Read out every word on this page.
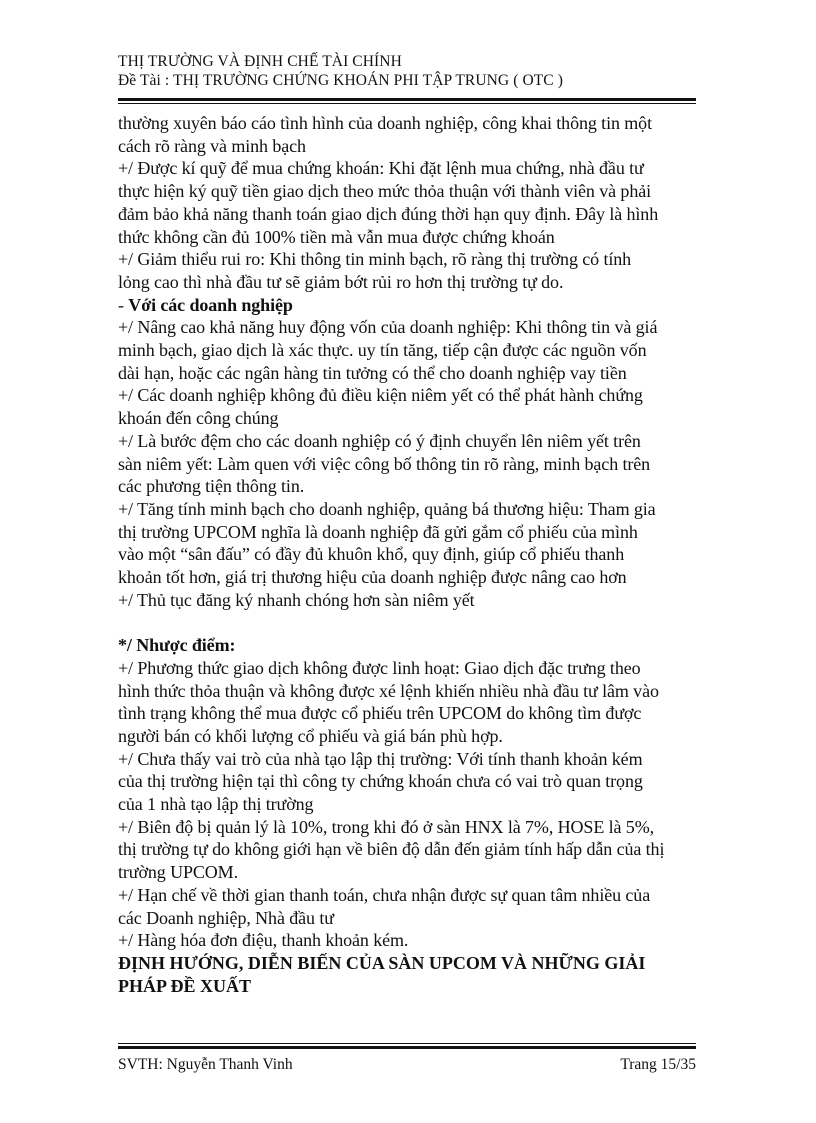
THỊ TRƯỜNG VÀ ĐỊNH CHẾ TÀI CHÍNH
Đề Tài : THỊ TRƯỜNG CHỨNG KHOÁN PHI TẬP TRUNG ( OTC )
thường xuyên báo cáo tình hình của doanh nghiệp, công khai thông tin một
cách rõ ràng và minh bạch
+/ Được kí quỹ để mua chứng khoán: Khi đặt lệnh mua chứng, nhà đầu tư
thực hiện ký quỹ tiền giao dịch theo mức thỏa thuận với thành viên và phải
đảm bảo khả năng thanh toán giao dịch đúng thời hạn quy định. Đây là hình
thức không cần đủ 100% tiền mà vẫn mua được chứng khoán
+/ Giảm thiểu rui ro: Khi thông tin minh bạch, rõ ràng thị trường có tính
lỏng cao thì nhà đầu tư sẽ giảm bớt rủi ro hơn thị trường tự do.
- Với các doanh nghiệp
+/ Nâng cao khả năng huy động vốn của doanh nghiệp: Khi thông tin và giá
minh bạch, giao dịch là xác thực. uy tín tăng, tiếp cận được các nguồn vốn
dài hạn, hoặc các ngân hàng tin tưởng có thể cho doanh nghiệp vay tiền
+/ Các doanh nghiệp không đủ điều kiện niêm yết có thể phát hành chứng
khoán đến công chúng
+/ Là bước đệm cho các doanh nghiệp có ý định chuyển lên niêm yết trên
sàn niêm yết: Làm quen với việc công bố thông tin rõ ràng, minh bạch trên
các phương tiện thông tin.
+/ Tăng tính minh bạch cho doanh nghiệp, quảng bá thương hiệu: Tham gia
thị trường UPCOM nghĩa là doanh nghiệp đã gửi gắm cổ phiếu của mình
vào một “sân đấu” có đầy đủ khuôn khổ, quy định, giúp cổ phiếu thanh
khoản tốt hơn, giá trị thương hiệu của doanh nghiệp được nâng cao hơn
+/ Thủ tục đăng ký nhanh chóng hơn sàn niêm yết
*/ Nhược điểm:
+/ Phương thức giao dịch không được linh hoạt: Giao dịch đặc trưng theo
hình thức thỏa thuận và không được xé lệnh khiến nhiều nhà đầu tư lâm vào
tình trạng không thể mua được cổ phiếu trên UPCOM do không tìm được
người bán có khối lượng cổ phiếu và giá bán phù hợp.
+/ Chưa thấy vai trò của nhà tạo lập thị trường: Với tính thanh khoản kém
của thị trường hiện tại thì công ty chứng khoán chưa có vai trò quan trọng
của 1 nhà tạo lập thị trường
+/ Biên độ bị quản lý là 10%, trong khi đó ở sàn HNX là 7%, HOSE là 5%,
thị trường tự do không giới hạn về biên độ dẫn đến giảm tính hấp dẫn của thị
trường UPCOM.
+/ Hạn chế về thời gian thanh toán, chưa nhận được sự quan tâm nhiều của
các Doanh nghiệp, Nhà đầu tư
+/ Hàng hóa đơn điệu, thanh khoản kém.
ĐỊNH HƯỚNG, DIỄN BIẾN CỦA SÀN UPCOM VÀ NHỮNG GIẢI
PHÁP ĐỀ XUẤT
SVTH: Nguyễn Thanh Vinh	Trang 15/35
